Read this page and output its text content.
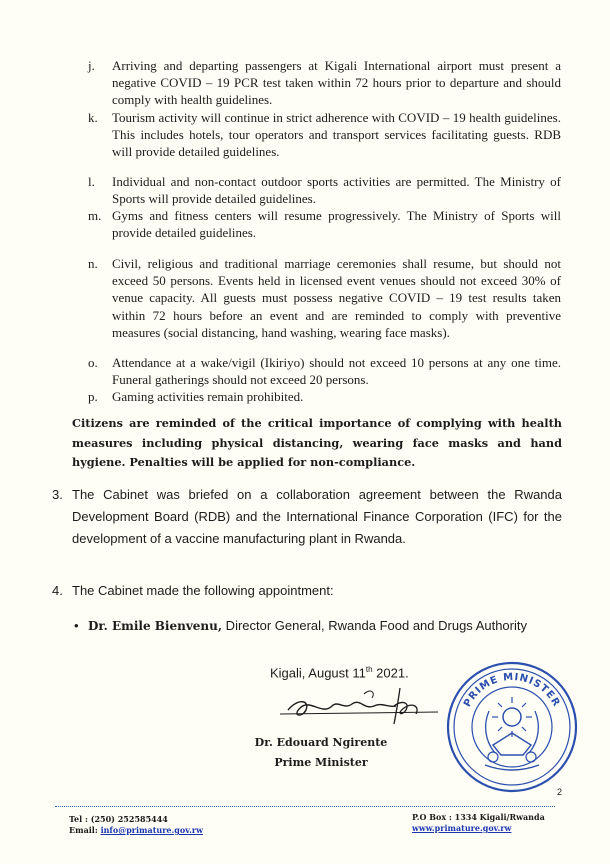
j.	Arriving and departing passengers at Kigali International airport must present a negative COVID – 19 PCR test taken within 72 hours prior to departure and should comply with health guidelines.
k.	Tourism activity will continue in strict adherence with COVID – 19 health guidelines. This includes hotels, tour operators and transport services facilitating guests. RDB will provide detailed guidelines.
l.	Individual and non-contact outdoor sports activities are permitted. The Ministry of Sports will provide detailed guidelines.
m. Gyms and fitness centers will resume progressively. The Ministry of Sports will provide detailed guidelines.
n.	Civil, religious and traditional marriage ceremonies shall resume, but should not exceed 50 persons. Events held in licensed event venues should not exceed 30% of venue capacity. All guests must possess negative COVID – 19 test results taken within 72 hours before an event and are reminded to comply with preventive measures (social distancing, hand washing, wearing face masks).
o.	Attendance at a wake/vigil (Ikiriyo) should not exceed 10 persons at any one time. Funeral gatherings should not exceed 20 persons.
p.	Gaming activities remain prohibited.
Citizens are reminded of the critical importance of complying with health measures including physical distancing, wearing face masks and hand hygiene. Penalties will be applied for non-compliance.
3. The Cabinet was briefed on a collaboration agreement between the Rwanda Development Board (RDB) and the International Finance Corporation (IFC) for the development of a vaccine manufacturing plant in Rwanda.
4. The Cabinet made the following appointment:
• Dr. Emile Bienvenu, Director General, Rwanda Food and Drugs Authority
Kigali, August 11th 2021.
Dr. Edouard Ngirente
Prime Minister
PRIME MINISTER
2
Tel : (250) 252585444
Email: info@primature.gov.rw
P.O Box : 1334 Kigali/Rwanda
www.primature.gov.rw
